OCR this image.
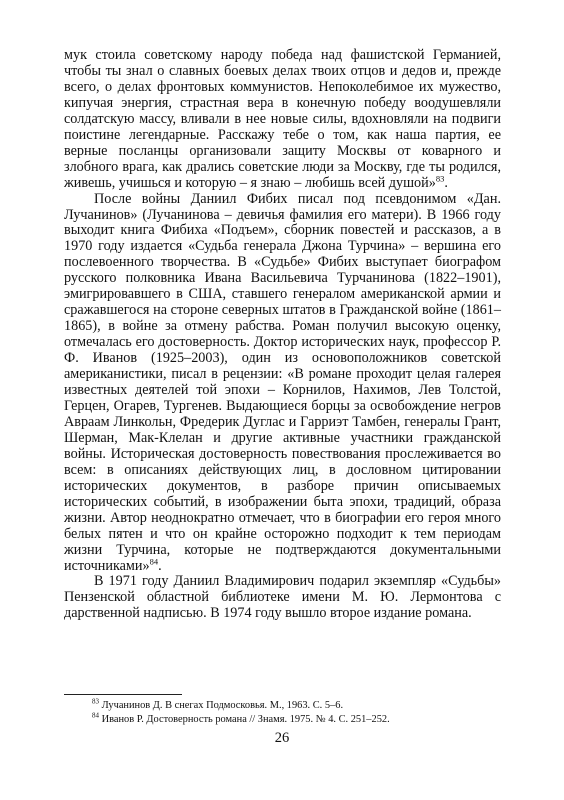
мук стоила советскому народу победа над фашистской Германией, чтобы ты знал о славных боевых делах твоих отцов и дедов и, прежде всего, о делах фронтовых коммунистов. Непоколебимое их мужество, кипучая энергия, страстная вера в конечную победу воодушевляли солдатскую массу, вливали в нее новые силы, вдохновляли на подвиги поистине легендарные. Расскажу тебе о том, как наша партия, ее верные посланцы организовали защиту Москвы от коварного и злобного врага, как дрались советские люди за Москву, где ты родился, живешь, учишься и которую – я знаю – любишь всей душой»$^{83}$.

После войны Даниил Фибих писал под псевдонимом «Дан. Лучанинов» (Лучанинова – девичья фамилия его матери). В 1966 году выходит книга Фибиха «Подъем», сборник повестей и рассказов, а в 1970 году издается «Судьба генерала Джона Турчина» – вершина его послевоенного творчества. В «Судьбе» Фибих выступает биографом русского полковника Ивана Васильевича Турчанинова (1822–1901), эмигрировавшего в США, ставшего генералом американской армии и сражавшегося на стороне северных штатов в Гражданской войне (1861–1865), в войне за отмену рабства. Роман получил высокую оценку, отмечалась его достоверность. Доктор исторических наук, профессор Р. Ф. Иванов (1925–2003), один из основоположников советской американистики, писал в рецензии: «В романе проходит целая галерея известных деятелей той эпохи – Корнилов, Нахимов, Лев Толстой, Герцен, Огарев, Тургенев. Выдающиеся борцы за освобождение негров Авраам Линкольн, Фредерик Дуглас и Гарриэт Тамбен, генералы Грант, Шерман, Мак-Клелан и другие активные участники гражданской войны. Историческая достоверность повествования прослеживается во всем: в описаниях действующих лиц, в дословном цитировании исторических документов, в разборе причин описываемых исторических событий, в изображении быта эпохи, традиций, образа жизни. Автор неоднократно отмечает, что в биографии его героя много белых пятен и что он крайне осторожно подходит к тем периодам жизни Турчина, которые не подтверждаются документальными источниками»$^{84}$.

В 1971 году Даниил Владимирович подарил экземпляр «Судьбы» Пензенской областной библиотеке имени М. Ю. Лермонтова с дарственной надписью. В 1974 году вышло второе издание романа.

$^{83}$ Лучанинов Д. В снегах Подмосковья. М., 1963. С. 5–6.

$^{84}$ Иванов Р. Достоверность романа // Знамя. 1975. № 4. С. 251–252.

26
